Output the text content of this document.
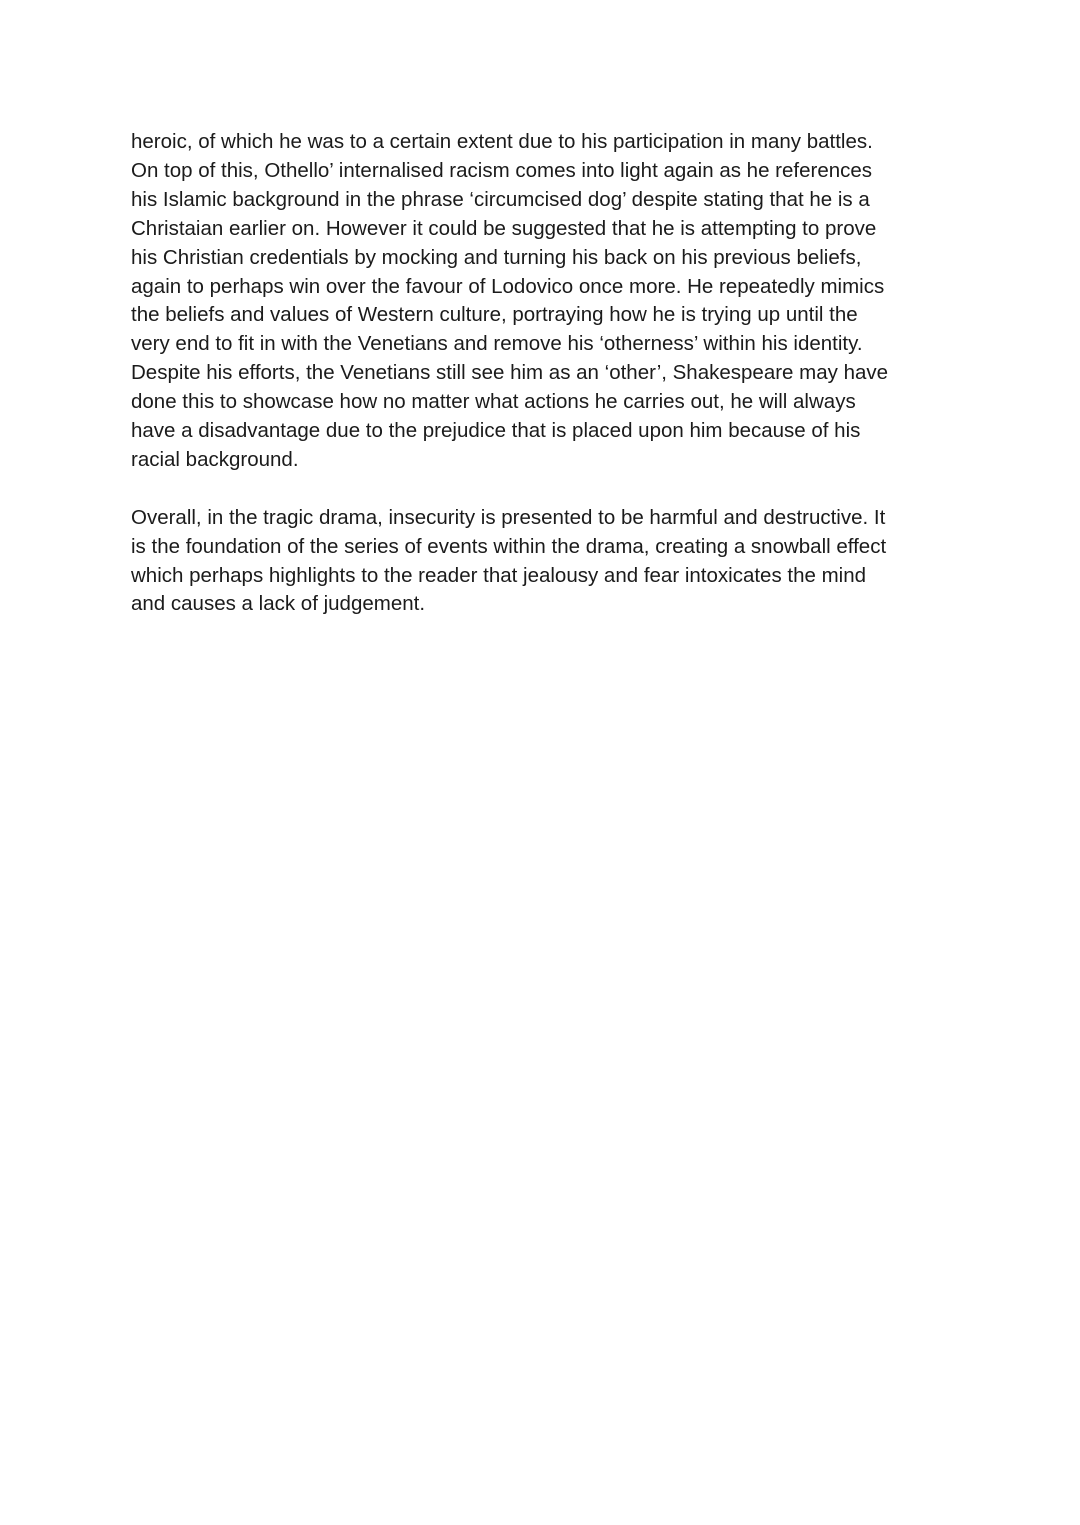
heroic, of which he was to a certain extent due to his participation in many battles.
On top of this, Othello’ internalised racism comes into light again as he references
his Islamic background in the phrase ‘circumcised dog’ despite stating that he is a
Christaian earlier on. However it could be suggested that he is attempting to prove
his Christian credentials by mocking and turning his back on his previous beliefs,
again to perhaps win over the favour of Lodovico once more. He repeatedly mimics
the beliefs and values of Western culture, portraying how he is trying up until the
very end to fit in with the Venetians and remove his ‘otherness’ within his identity.
Despite his efforts, the Venetians still see him as an ‘other’, Shakespeare may have
done this to showcase how no matter what actions he carries out, he will always
have a disadvantage due to the prejudice that is placed upon him because of his
racial background.

Overall, in the tragic drama, insecurity is presented to be harmful and destructive. It
is the foundation of the series of events within the drama, creating a snowball effect
which perhaps highlights to the reader that jealousy and fear intoxicates the mind
and causes a lack of judgement.
